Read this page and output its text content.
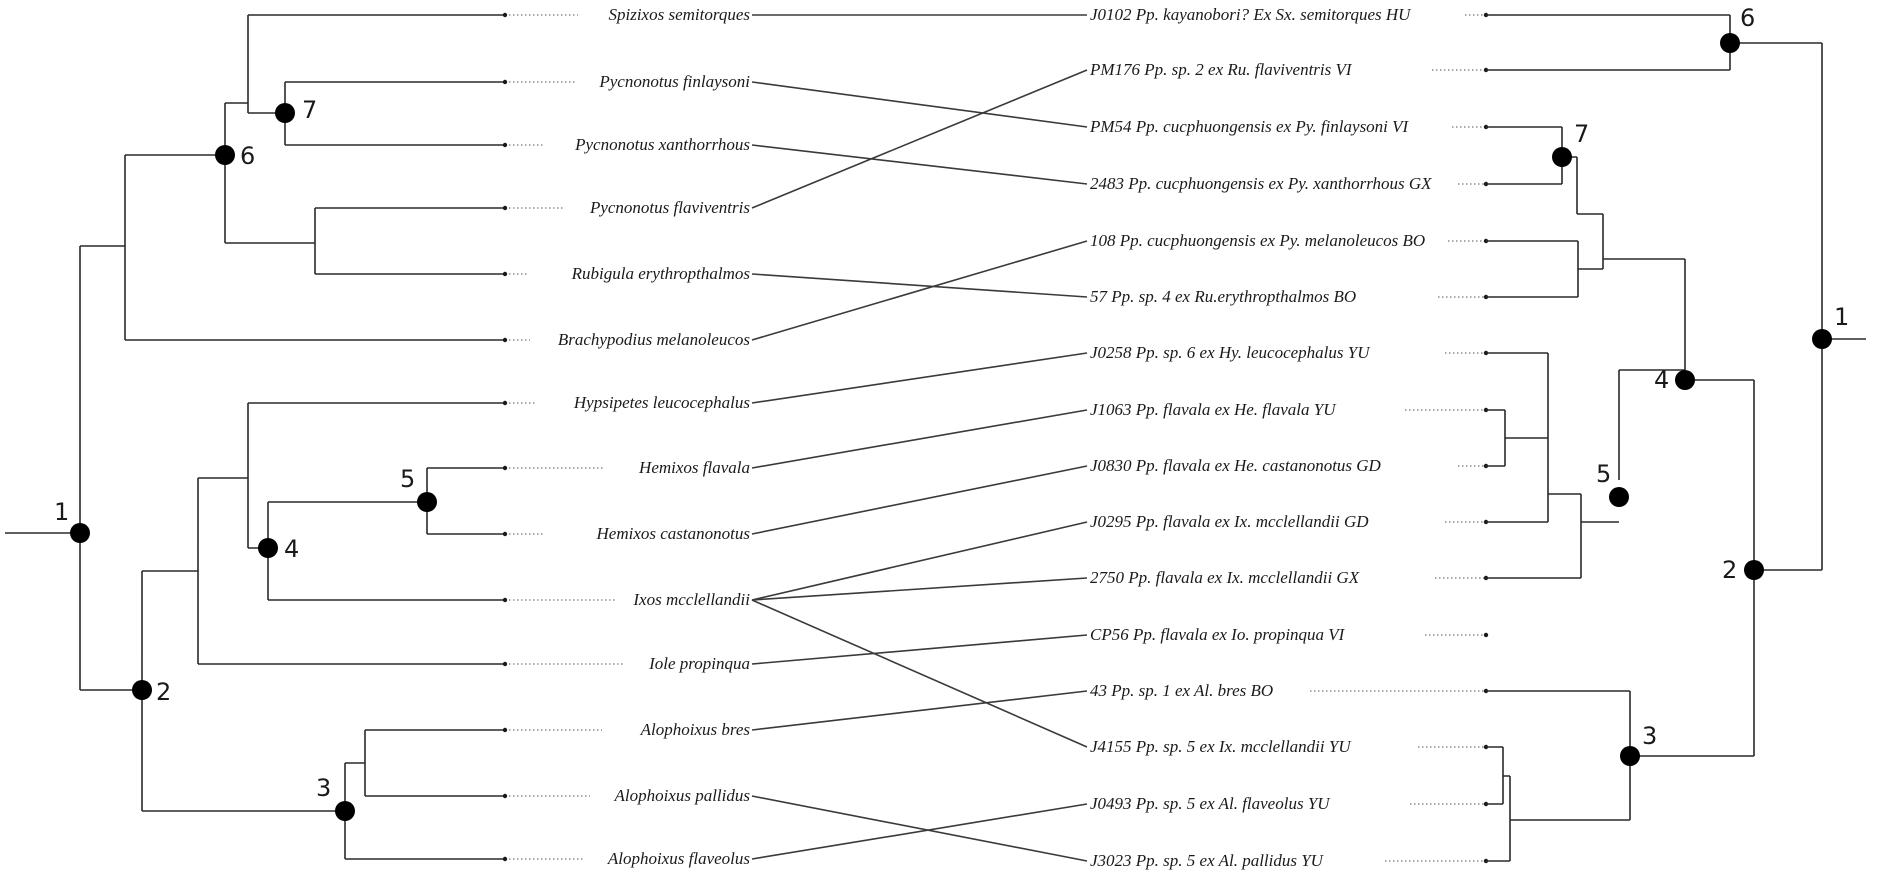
Spizixos semitorques
Pycnonotus finlaysoni
Pycnonotus xanthorrhous
Pycnonotus flaviventris
Rubigula erythropthalmos
Brachypodius melanoleucos
Hypsipetes leucocephalus
Hemixos flavala
Hemixos castanonotus
Ixos mcclellandii
Iole propinqua
Alophoixus bres
Alophoixus pallidus
Alophoixus flaveolus
1
2
3
4
5
6
7
J0102 Pp. kayanobori? Ex Sx. semitorques HU
PM176 Pp. sp. 2 ex Ru. flaviventris VI
PM54 Pp. cucphuongensis ex Py. finlaysoni VI
2483 Pp. cucphuongensis ex Py. xanthorrhous GX
108 Pp. cucphuongensis ex Py. melanoleucos BO
57 Pp. sp. 4 ex Ru.erythropthalmos BO
J0258 Pp. sp. 6 ex Hy. leucocephalus YU
J1063 Pp. flavala ex He. flavala YU
J0830 Pp. flavala ex He. castanonotus GD
J0295 Pp. flavala ex Ix. mcclellandii GD
2750 Pp. flavala ex Ix. mcclellandii GX
CP56 Pp. flavala ex Io. propinqua VI
43 Pp. sp. 1 ex Al. bres BO
J4155 Pp. sp. 5 ex Ix. mcclellandii YU
J0493 Pp. sp. 5 ex Al. flaveolus YU
J3023 Pp. sp. 5 ex Al. pallidus YU
1
2
3
4
5
6
7
